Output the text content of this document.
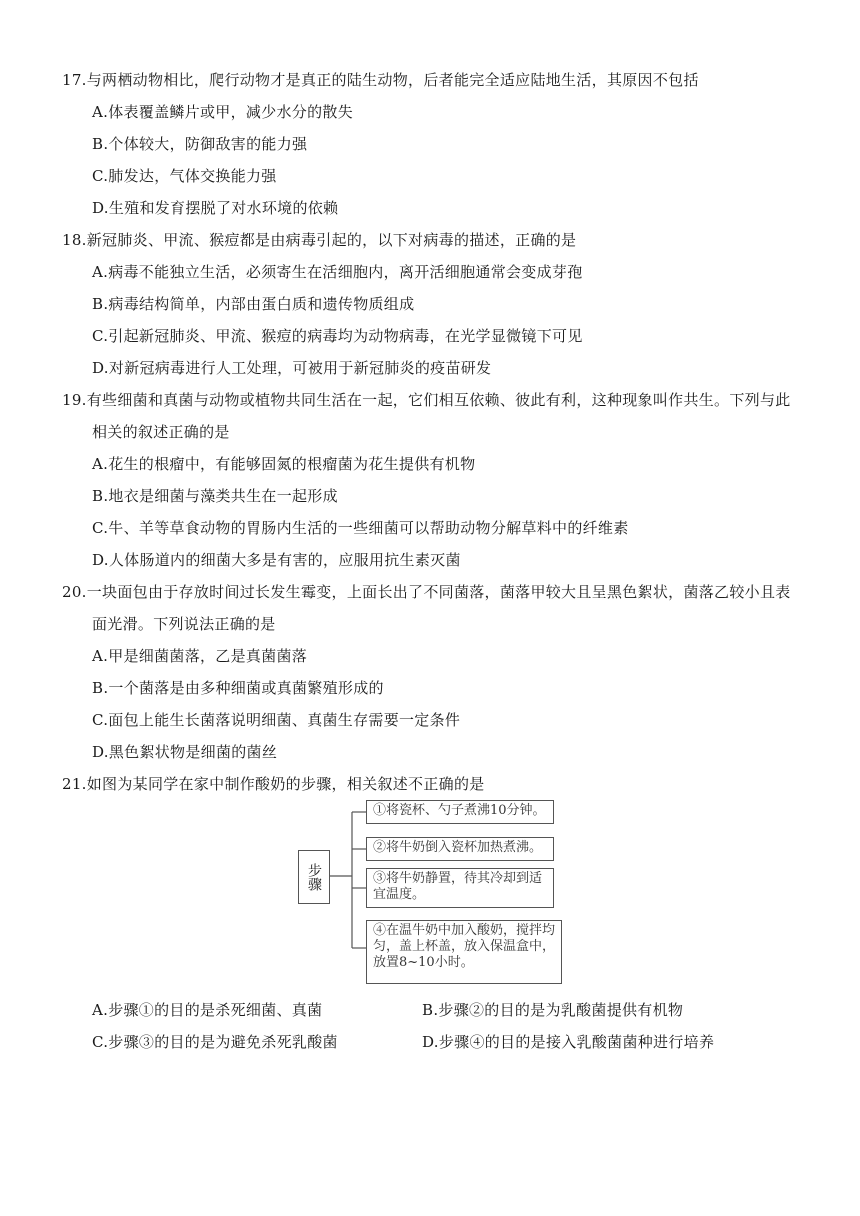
17.与两栖动物相比，爬行动物才是真正的陆生动物，后者能完全适应陆地生活，其原因不包括

A.体表覆盖鳞片或甲，减少水分的散失

B.个体较大，防御敌害的能力强

C.肺发达，气体交换能力强

D.生殖和发育摆脱了对水环境的依赖

18.新冠肺炎、甲流、猴痘都是由病毒引起的，以下对病毒的描述，正确的是

A.病毒不能独立生活，必须寄生在活细胞内，离开活细胞通常会变成芽孢

B.病毒结构简单，内部由蛋白质和遗传物质组成

C.引起新冠肺炎、甲流、猴痘的病毒均为动物病毒，在光学显微镜下可见

D.对新冠病毒进行人工处理，可被用于新冠肺炎的疫苗研发

19.有些细菌和真菌与动物或植物共同生活在一起，它们相互依赖、彼此有利，这种现象叫作共生。下列与此相关的叙述正确的是

A.花生的根瘤中，有能够固氮的根瘤菌为花生提供有机物

B.地衣是细菌与藻类共生在一起形成

C.牛、羊等草食动物的胃肠内生活的一些细菌可以帮助动物分解草料中的纤维素

D.人体肠道内的细菌大多是有害的，应服用抗生素灭菌

20.一块面包由于存放时间过长发生霉变，上面长出了不同菌落，菌落甲较大且呈黑色絮状，菌落乙较小且表面光滑。下列说法正确的是

A.甲是细菌菌落，乙是真菌菌落

B.一个菌落是由多种细菌或真菌繁殖形成的

C.面包上能生长菌落说明细菌、真菌生存需要一定条件

D.黑色絮状物是细菌的菌丝

21.如图为某同学在家中制作酸奶的步骤，相关叙述不正确的是

步骤
①将瓷杯、勺子煮沸10分钟。
②将牛奶倒入瓷杯加热煮沸。
③将牛奶静置，待其冷却到适宜温度。
④在温牛奶中加入酸奶，搅拌均匀，盖上杯盖，放入保温盒中，放置8~10小时。
A.步骤①的目的是杀死细菌、真菌	B.步骤②的目的是为乳酸菌提供有机物
C.步骤③的目的是为避免杀死乳酸菌	D.步骤④的目的是接入乳酸菌菌种进行培养
